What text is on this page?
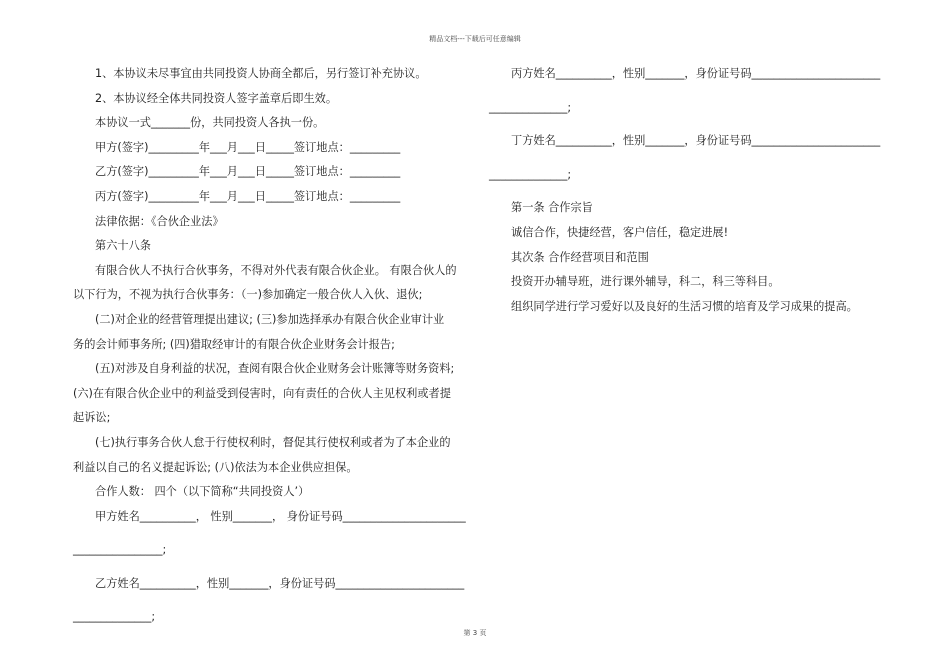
精品文档---下载后可任意编辑

1、本协议未尽事宜由共同投资人协商全都后，另行签订补充协议。

2、本协议经全体共同投资人签字盖章后即生效。

本协议一式_______份，共同投资人各执一份。

甲方(签字)_________年___月___日_____签订地点：_________

乙方(签字)_________年___月___日_____签订地点：_________

丙方(签字)_________年___月___日_____签订地点：_________

法律依据：《合伙企业法》

第六十八条

有限合伙人不执行合伙事务，不得对外代表有限合伙企业。 有限合伙人的

以下行为，不视为执行合伙事务：（一)参加确定一般合伙人入伙、退伙;

(二)对企业的经营管理提出建议; (三)参加选择承办有限合伙企业审计业

务的会计师事务所; (四)猎取经审计的有限合伙企业财务会计报告;

(五)对涉及自身利益的状况，查阅有限合伙企业财务会计账簿等财务资料;

(六)在有限合伙企业中的利益受到侵害时，向有责任的合伙人主见权利或者提

起诉讼;

(七)执行事务合伙人怠于行使权利时，督促其行使权利或者为了本企业的

利益以自己的名义提起诉讼; (八)依法为本企业供应担保。

合作人数： 四个（以下简称“共同投资人’）

甲方姓名__________， 性别_______， 身份证号码______________________

________________;

乙方姓名__________，性别_______，身份证号码_______________________

______________;

丙方姓名__________，性别_______，身份证号码_______________________

______________;

丁方姓名__________，性别_______，身份证号码_______________________

______________;

第一条 合作宗旨

诚信合作，快捷经营，客户信任，稳定进展!

其次条 合作经营项目和范围

投资开办辅导班，进行课外辅导，科二，科三等科目。

组织同学进行学习爱好以及良好的生活习惯的培育及学习成果的提高。

第 3 页
